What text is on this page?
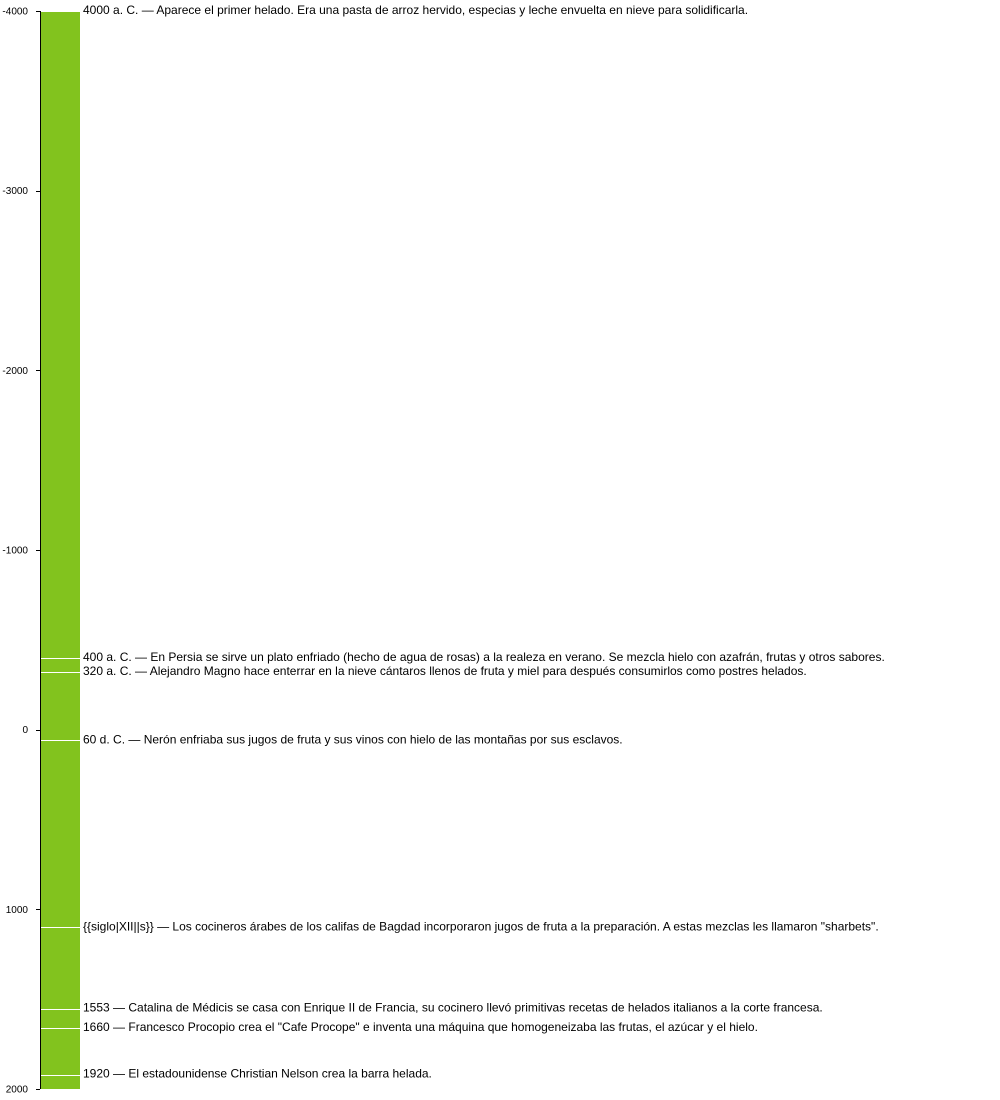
-4000
-3000
-2000
-1000
0
1000
2000
4000 a. C. — Aparece el primer helado. Era una pasta de arroz hervido, especias y leche envuelta en nieve para solidificarla.
400 a. C. — En Persia se sirve un plato enfriado (hecho de agua de rosas) a la realeza en verano. Se mezcla hielo con azafrán, frutas y otros sabores.
320 a. C. — Alejandro Magno hace enterrar en la nieve cántaros llenos de fruta y miel para después consumirlos como postres helados.
60 d. C. — Nerón enfriaba sus jugos de fruta y sus vinos con hielo de las montañas por sus esclavos.
{{siglo|XII||s}} — Los cocineros árabes de los califas de Bagdad incorporaron jugos de fruta a la preparación. A estas mezclas les llamaron "sharbets".
1553 — Catalina de Médicis se casa con Enrique II de Francia, su cocinero llevó primitivas recetas de helados italianos a la corte francesa.
1660 — Francesco Procopio crea el "Cafe Procope" e inventa una máquina que homogeneizaba las frutas, el azúcar y el hielo.
1920 — El estadounidense Christian Nelson crea la barra helada.
